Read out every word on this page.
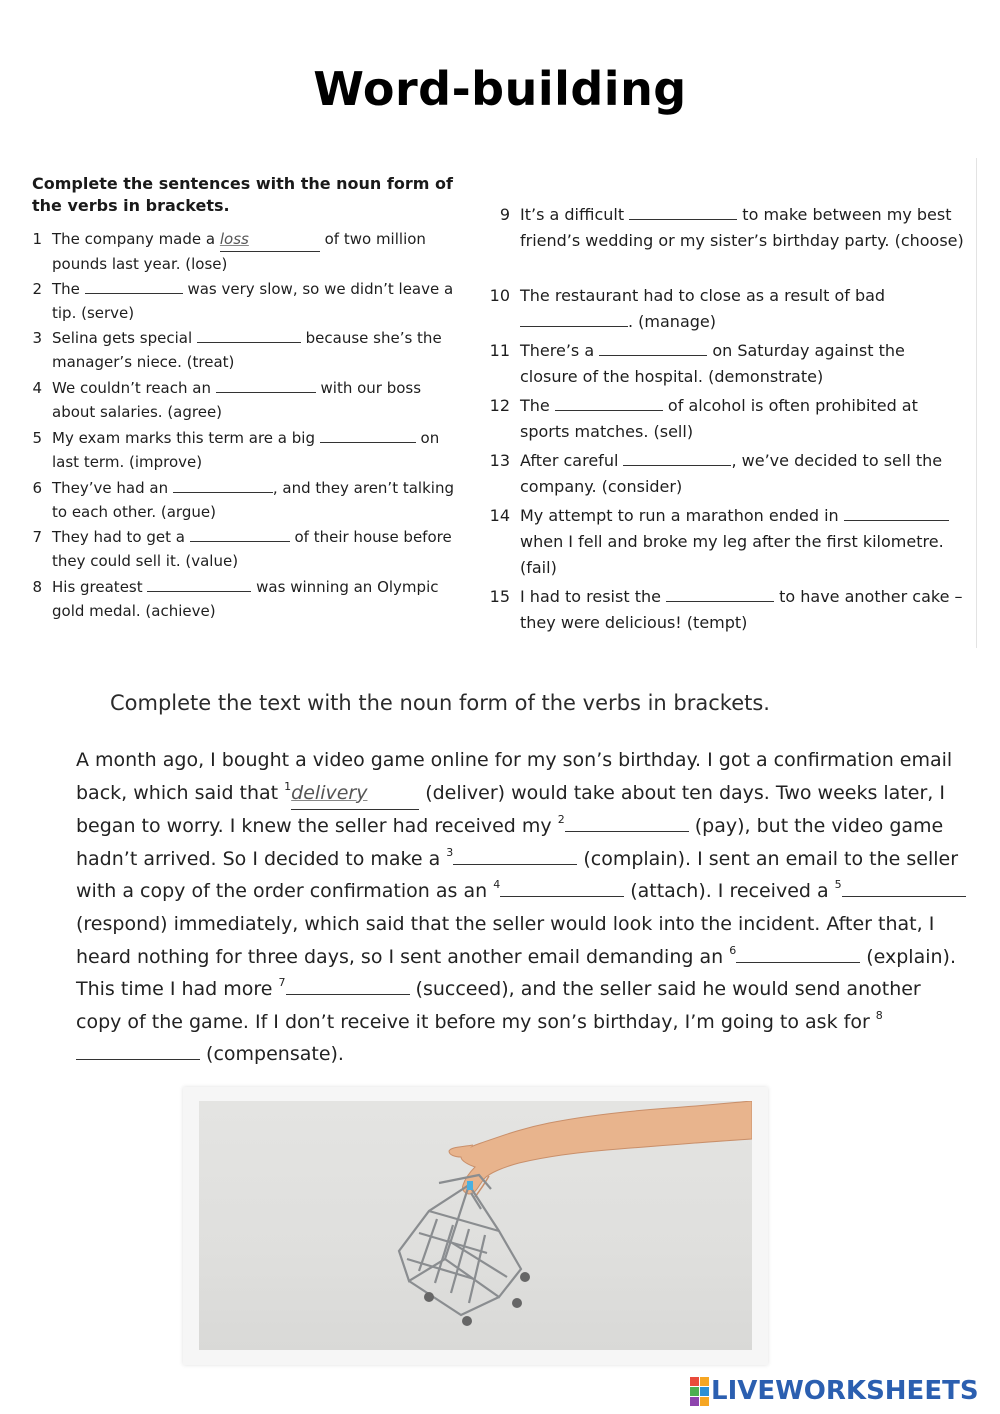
Word-building
Complete the sentences with the noun form of the verbs in brackets.
1 The company made a loss	of two million pounds last year. (lose)
2 The	was very slow, so we didn’t leave a tip. (serve)
3 Selina gets special	because she’s the manager’s niece. (treat)
4 We couldn’t reach an	with our boss about salaries. (agree)
5 My exam marks this term are a big	on last term. (improve)
6 They’ve had an	, and they aren’t talking to each other. (argue)
7 They had to get a	of their house before they could sell it. (value)
8 His greatest	was winning an Olympic gold medal. (achieve)
9 It’s a difficult	to make between my best friend’s wedding or my sister’s birthday party. (choose)
10 The restaurant had to close as a result of bad . (manage)
11 There’s a	on Saturday against the closure of the hospital. (demonstrate)
12 The	of alcohol is often prohibited at sports matches. (sell)
13 After careful	, we’ve decided to sell the company. (consider)
14 My attempt to run a marathon ended in  when I fell and broke my leg after the first kilometre. (fail)
15 I had to resist the	to have another cake – they were delicious! (tempt)
Complete the text with the noun form of the verbs in brackets.
A month ago, I bought a video game online for my son’s birthday. I got a confirmation email back, which said that $^1$delivery	(deliver) would take about ten days. Two weeks later, I began to worry. I knew the seller had received my $^2$	(pay), but the video game hadn’t arrived. So I decided to make a $^3$	(complain). I sent an email to the seller with a copy of the order confirmation as an $^4$	(attach). I received a $^5$ (respond) immediately, which said that the seller would look into the incident. After that, I heard nothing for three days, so I sent another email demanding an $^6$	(explain). This time I had more $^7$	(succeed), and the seller said he would send another copy of the game. If I don’t receive it before my son’s birthday, I’m going to ask for $^8$ (compensate).
LIVEWORKSHEETS
